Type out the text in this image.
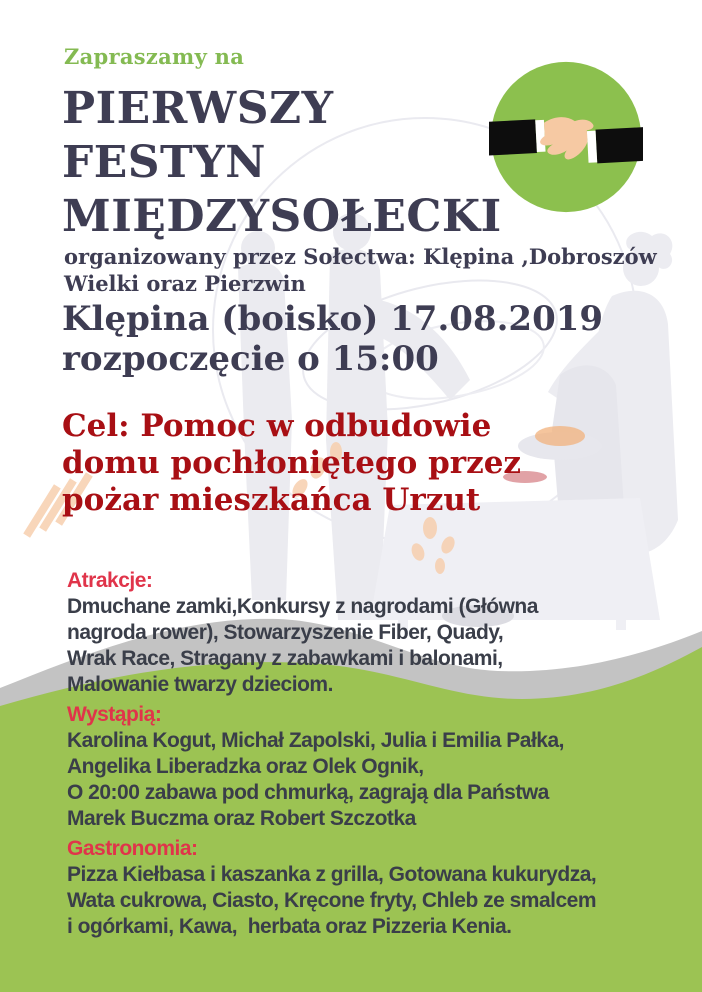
Zapraszamy na
PIERWSZY
FESTYN
MIĘDZYSOŁECKI
organizowany przez Sołectwa: Klępina ,Dobroszów
Wielki oraz Pierzwin
Klępina (boisko) 17.08.2019
rozpoczęcie o 15:00
Cel: Pomoc w odbudowie
domu pochłoniętego przez
pożar mieszkańca Urzut
Atrakcje:
Dmuchane zamki,Konkursy z nagrodami (Główna
nagroda rower), Stowarzyszenie Fiber, Quady,
Wrak Race, Stragany z zabawkami i balonami,
Malowanie twarzy dzieciom.
Wystąpią:
Karolina Kogut, Michał Zapolski, Julia i Emilia Pałka,
Angelika Liberadzka oraz Olek Ognik,
O 20:00 zabawa pod chmurką, zagrają dla Państwa
Marek Buczma oraz Robert Szczotka
Gastronomia:
Pizza Kiełbasa i kaszanka z grilla, Gotowana kukurydza,
Wata cukrowa, Ciasto, Kręcone fryty, Chleb ze smalcem
i ogórkami, Kawa,  herbata oraz Pizzeria Kenia.
